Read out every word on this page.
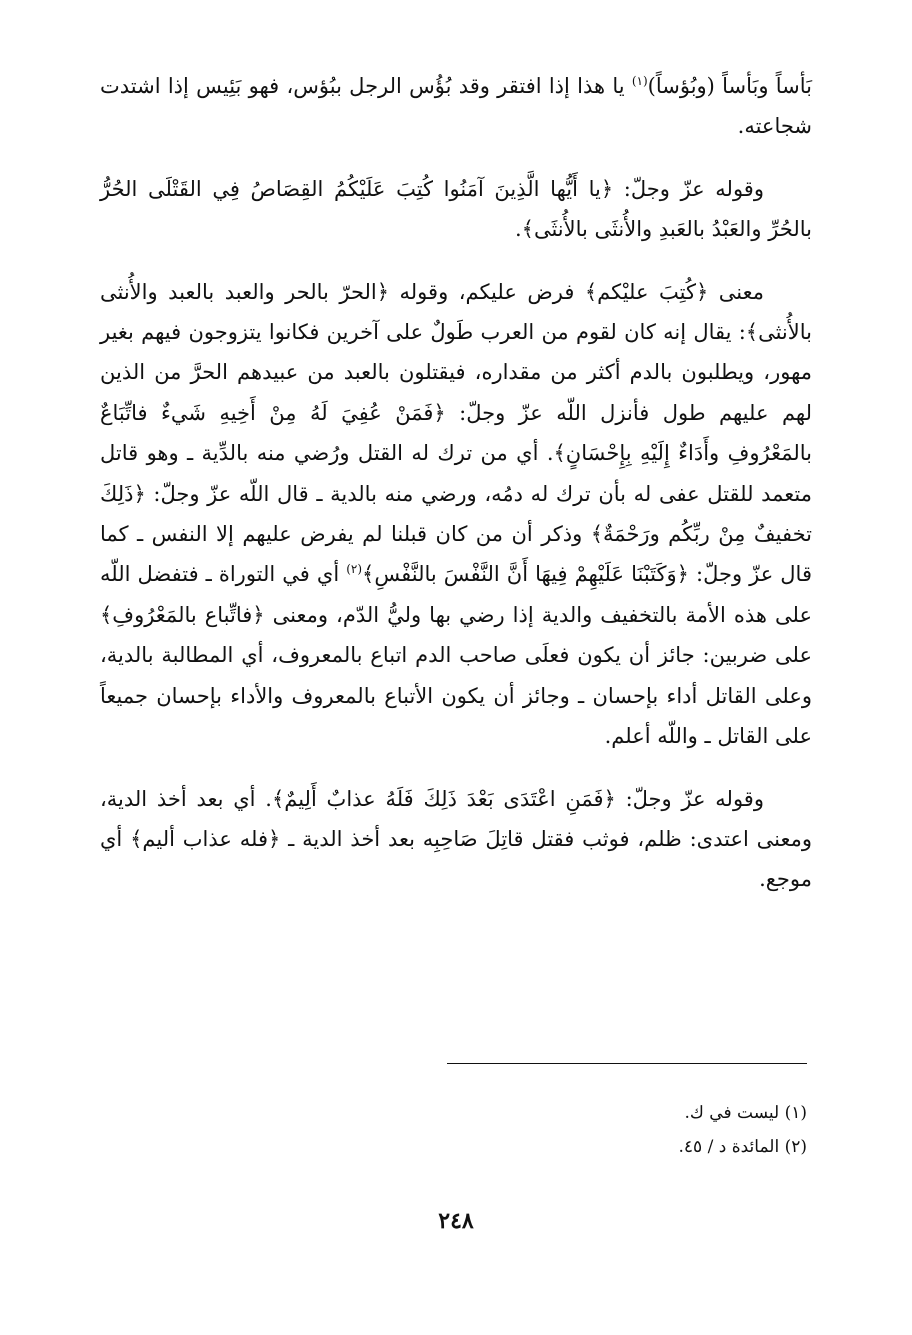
بَأساً وبَأساً (وبُؤساً)$^{(١)}$ يا هذا إذا افتقر وقد بُؤُس الرجل ببُؤس، فهو بَئِيس إذا اشتدت شجاعته.

وقوله عزّ وجلّ: ﴿يا أَيُّها الَّذِينَ آمَنُوا كُتِبَ عَلَيْكُمُ القِصَاصُ فِي القَتْلَى الحُرُّ بالحُرِّ والعَبْدُ بالعَبدِ والأُنثَى بالأُنثَى﴾.

معنى ﴿كُتِبَ عليْكم﴾ فرض عليكم، وقوله ﴿الحرّ بالحر والعبد بالعبد والأُنثى بالأُنثى﴾: يقال إنه كان لقوم من العرب طَولٌ على آخرين فكانوا يتزوجون فيهم بغير مهور، ويطلبون بالدم أكثر من مقداره، فيقتلون بالعبد من عبيدهم الحرَّ من الذين لهم عليهم طول فأنزل اللّه عزّ وجلّ: ﴿فَمَنْ عُفِيَ لَهُ مِنْ أَخِيهِ شَيءٌ فاتِّبَاعٌ بالمَعْرُوفِ وأَدَاءٌ إِلَيْهِ بِإِحْسَانٍ﴾. أي من ترك له القتل ورُضي منه بالدِّية ـ وهو قاتل متعمد للقتل عفى له بأن ترك له دمُه، ورضي منه بالدية ـ قال اللّه عزّ وجلّ: ﴿ذَلِكَ تخفيفٌ مِنْ ربِّكُم ورَحْمَةٌ﴾ وذكر أن من كان قبلنا لم يفرض عليهم إلا النفس ـ كما قال عزّ وجلّ: ﴿وَكَتَبْنَا عَلَيْهِمْ فِيهَا أَنَّ النَّفْسَ بالنَّفْسِ﴾$^{(٢)}$ أي في التوراة ـ فتفضل اللّه على هذه الأمة بالتخفيف والدية إذا رضي بها وليُّ الدّم، ومعنى ﴿فاتِّباع بالمَعْرُوفِ﴾ على ضربين: جائز أن يكون فعلَى صاحب الدم اتباع بالمعروف، أي المطالبة بالدية، وعلى القاتل أداء بإحسان ـ وجائز أن يكون الأتباع بالمعروف والأداء بإحسان جميعاً على القاتل ـ واللّه أعلم.

وقوله عزّ وجلّ: ﴿فَمَنِ اعْتَدَى بَعْدَ ذَلِكَ فَلَهُ عذابٌ أَلِيمٌ﴾. أي بعد أخذ الدية، ومعنى اعتدى: ظلم، فوثب فقتل قاتِلَ صَاحِبِه بعد أخذ الدية ـ ﴿فله عذاب أليم﴾ أي موجع.

(١) ليست في ك.
(٢) المائدة د / ٤٥.
٢٤٨
